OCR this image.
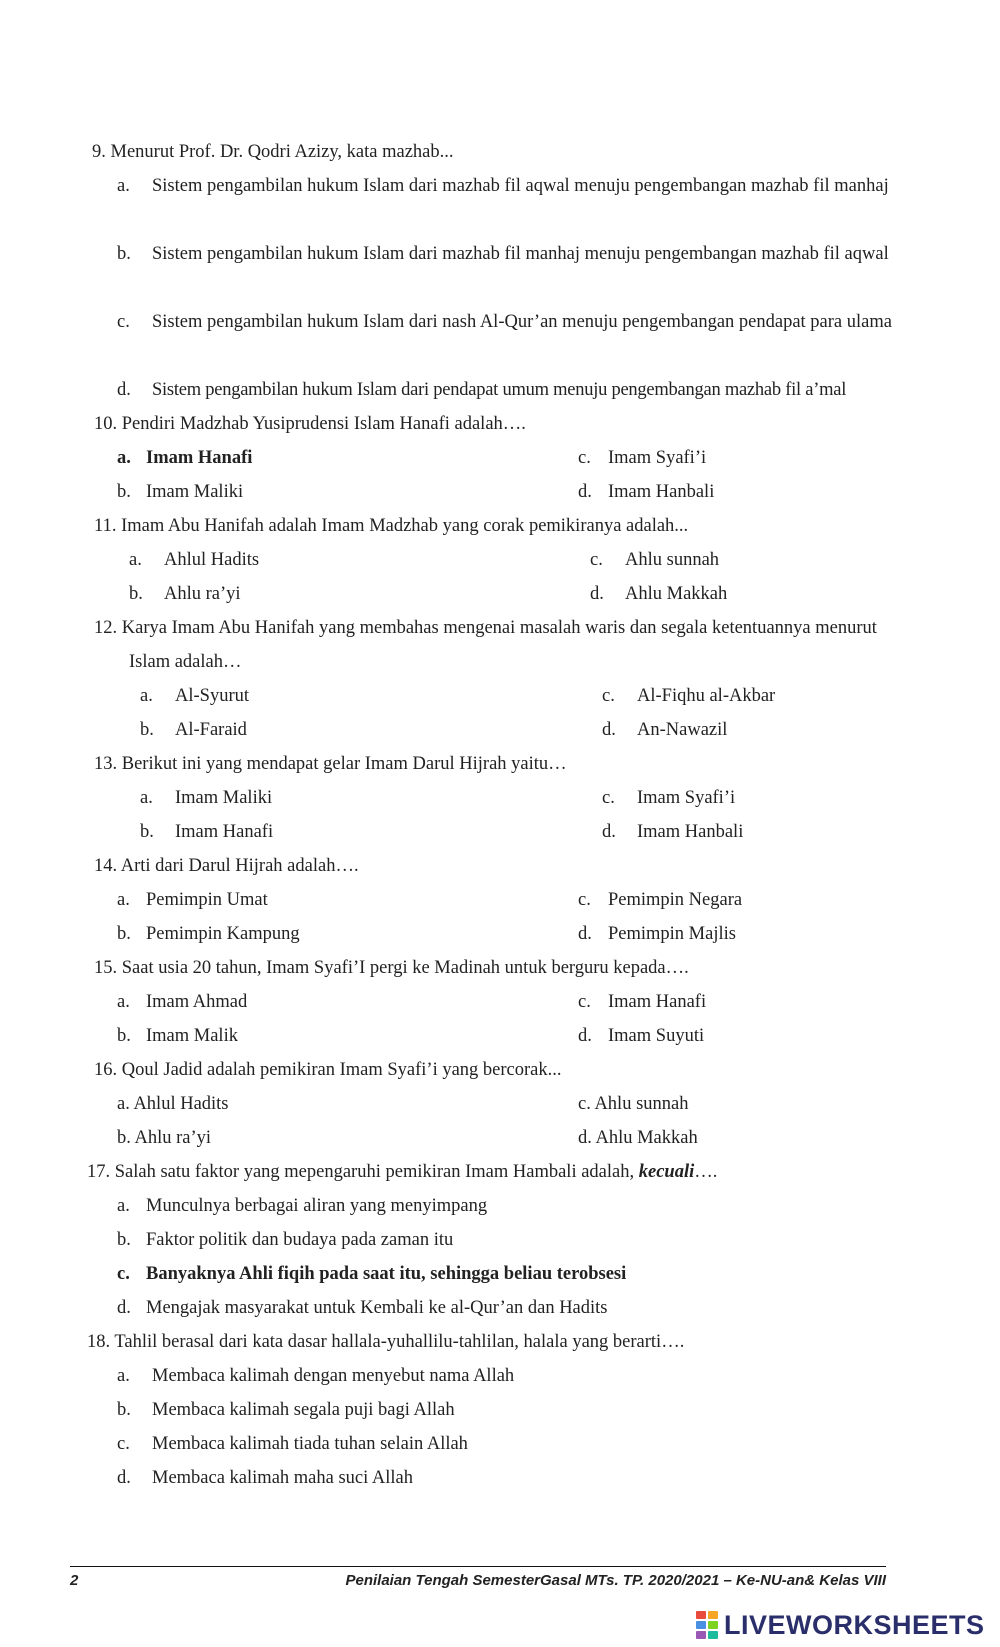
9. Menurut Prof. Dr. Qodri Azizy, kata mazhab...
a. Sistem pengambilan hukum Islam dari mazhab fil aqwal menuju pengembangan mazhab fil manhaj
b. Sistem pengambilan hukum Islam dari mazhab fil manhaj menuju pengembangan mazhab fil aqwal
c. Sistem pengambilan hukum Islam dari nash Al-Qur’an menuju pengembangan pendapat para ulama
d. Sistem pengambilan hukum Islam dari pendapat umum menuju pengembangan mazhab fil a’mal
10. Pendiri Madzhab Yusiprudensi Islam Hanafi adalah….
a. Imam Hanafi
b. Imam Maliki
c. Imam Syafi’i
d. Imam Hanbali
11. Imam Abu Hanifah adalah Imam Madzhab yang corak pemikiranya adalah...
a. Ahlul Hadits
b. Ahlu ra’yi
c. Ahlu sunnah
d. Ahlu Makkah
12. Karya Imam Abu Hanifah yang membahas mengenai masalah waris dan segala ketentuannya menurut
Islam adalah…
a. Al-Syurut
b. Al-Faraid
c. Al-Fiqhu al-Akbar
d. An-Nawazil
13. Berikut ini yang mendapat gelar Imam Darul Hijrah yaitu…
a. Imam Maliki
b. Imam Hanafi
c. Imam Syafi’i
d. Imam Hanbali
14. Arti dari Darul Hijrah adalah….
a. Pemimpin Umat
b. Pemimpin Kampung
c. Pemimpin Negara
d. Pemimpin Majlis
15. Saat usia 20 tahun, Imam Syafi’I pergi ke Madinah untuk berguru kepada….
a. Imam Ahmad
b. Imam Malik
c. Imam Hanafi
d. Imam Suyuti
16. Qoul Jadid adalah pemikiran Imam Syafi’i yang bercorak...
a. Ahlul Hadits
b. Ahlu ra’yi
c. Ahlu sunnah
d. Ahlu Makkah
17. Salah satu faktor yang mepengaruhi pemikiran Imam Hambali adalah, kecuali….
a. Munculnya berbagai aliran yang menyimpang
b. Faktor politik dan budaya pada zaman itu
c. Banyaknya Ahli fiqih pada saat itu, sehingga beliau terobsesi
d. Mengajak masyarakat untuk Kembali ke al-Qur’an dan Hadits
18. Tahlil berasal dari kata dasar hallala-yuhallilu-tahlilan, halala yang berarti….
a. Membaca kalimah dengan menyebut nama Allah
b. Membaca kalimah segala puji bagi Allah
c. Membaca kalimah tiada tuhan selain Allah
d. Membaca kalimah maha suci Allah
2	Penilaian Tengah SemesterGasal MTs. TP. 2020/2021 – Ke-NU-an& Kelas VIII
LIVEWORKSHEETS
